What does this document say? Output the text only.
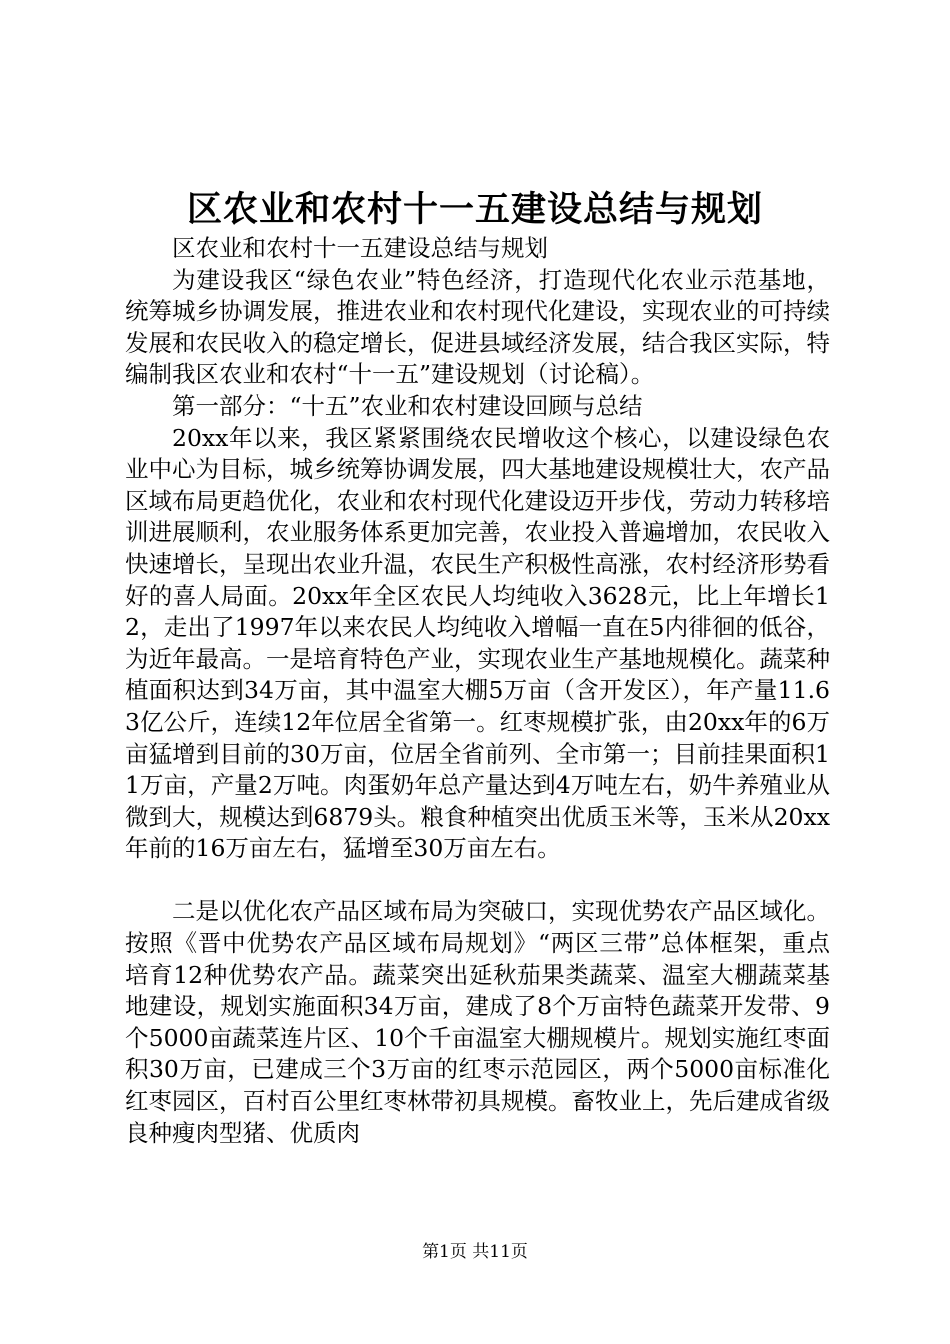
区农业和农村十一五建设总结与规划

区农业和农村十一五建设总结与规划

为建设我区“绿色农业”特色经济，打造现代化农业示范基地，统筹城乡协调发展，推进农业和农村现代化建设，实现农业的可持续发展和农民收入的稳定增长，促进县域经济发展，结合我区实际，特编制我区农业和农村“十一五”建设规划（讨论稿）。

第一部分：“十五”农业和农村建设回顾与总结

20xx年以来，我区紧紧围绕农民增收这个核心，以建设绿色农业中心为目标，城乡统筹协调发展，四大基地建设规模壮大，农产品区域布局更趋优化，农业和农村现代化建设迈开步伐，劳动力转移培训进展顺利，农业服务体系更加完善，农业投入普遍增加，农民收入快速增长，呈现出农业升温，农民生产积极性高涨，农村经济形势看好的喜人局面。20xx年全区农民人均纯收入3628元，比上年增长12，走出了1997年以来农民人均纯收入增幅一直在5内徘徊的低谷，为近年最高。一是培育特色产业，实现农业生产基地规模化。蔬菜种植面积达到34万亩，其中温室大棚5万亩（含开发区），年产量11.63亿公斤，连续12年位居全省第一。红枣规模扩张，由20xx年的6万亩猛增到目前的30万亩，位居全省前列、全市第一；目前挂果面积11万亩，产量2万吨。肉蛋奶年总产量达到4万吨左右，奶牛养殖业从微到大，规模达到6879头。粮食种植突出优质玉米等，玉米从20xx年前的16万亩左右，猛增至30万亩左右。

二是以优化农产品区域布局为突破口，实现优势农产品区域化。按照《晋中优势农产品区域布局规划》“两区三带”总体框架，重点培育12种优势农产品。蔬菜突出延秋茄果类蔬菜、温室大棚蔬菜基地建设，规划实施面积34万亩，建成了8个万亩特色蔬菜开发带、9个5000亩蔬菜连片区、10个千亩温室大棚规模片。规划实施红枣面积30万亩，已建成三个3万亩的红枣示范园区，两个5000亩标准化红枣园区，百村百公里红枣林带初具规模。畜牧业上，先后建成省级良种瘦肉型猪、优质肉

第1页 共11页
